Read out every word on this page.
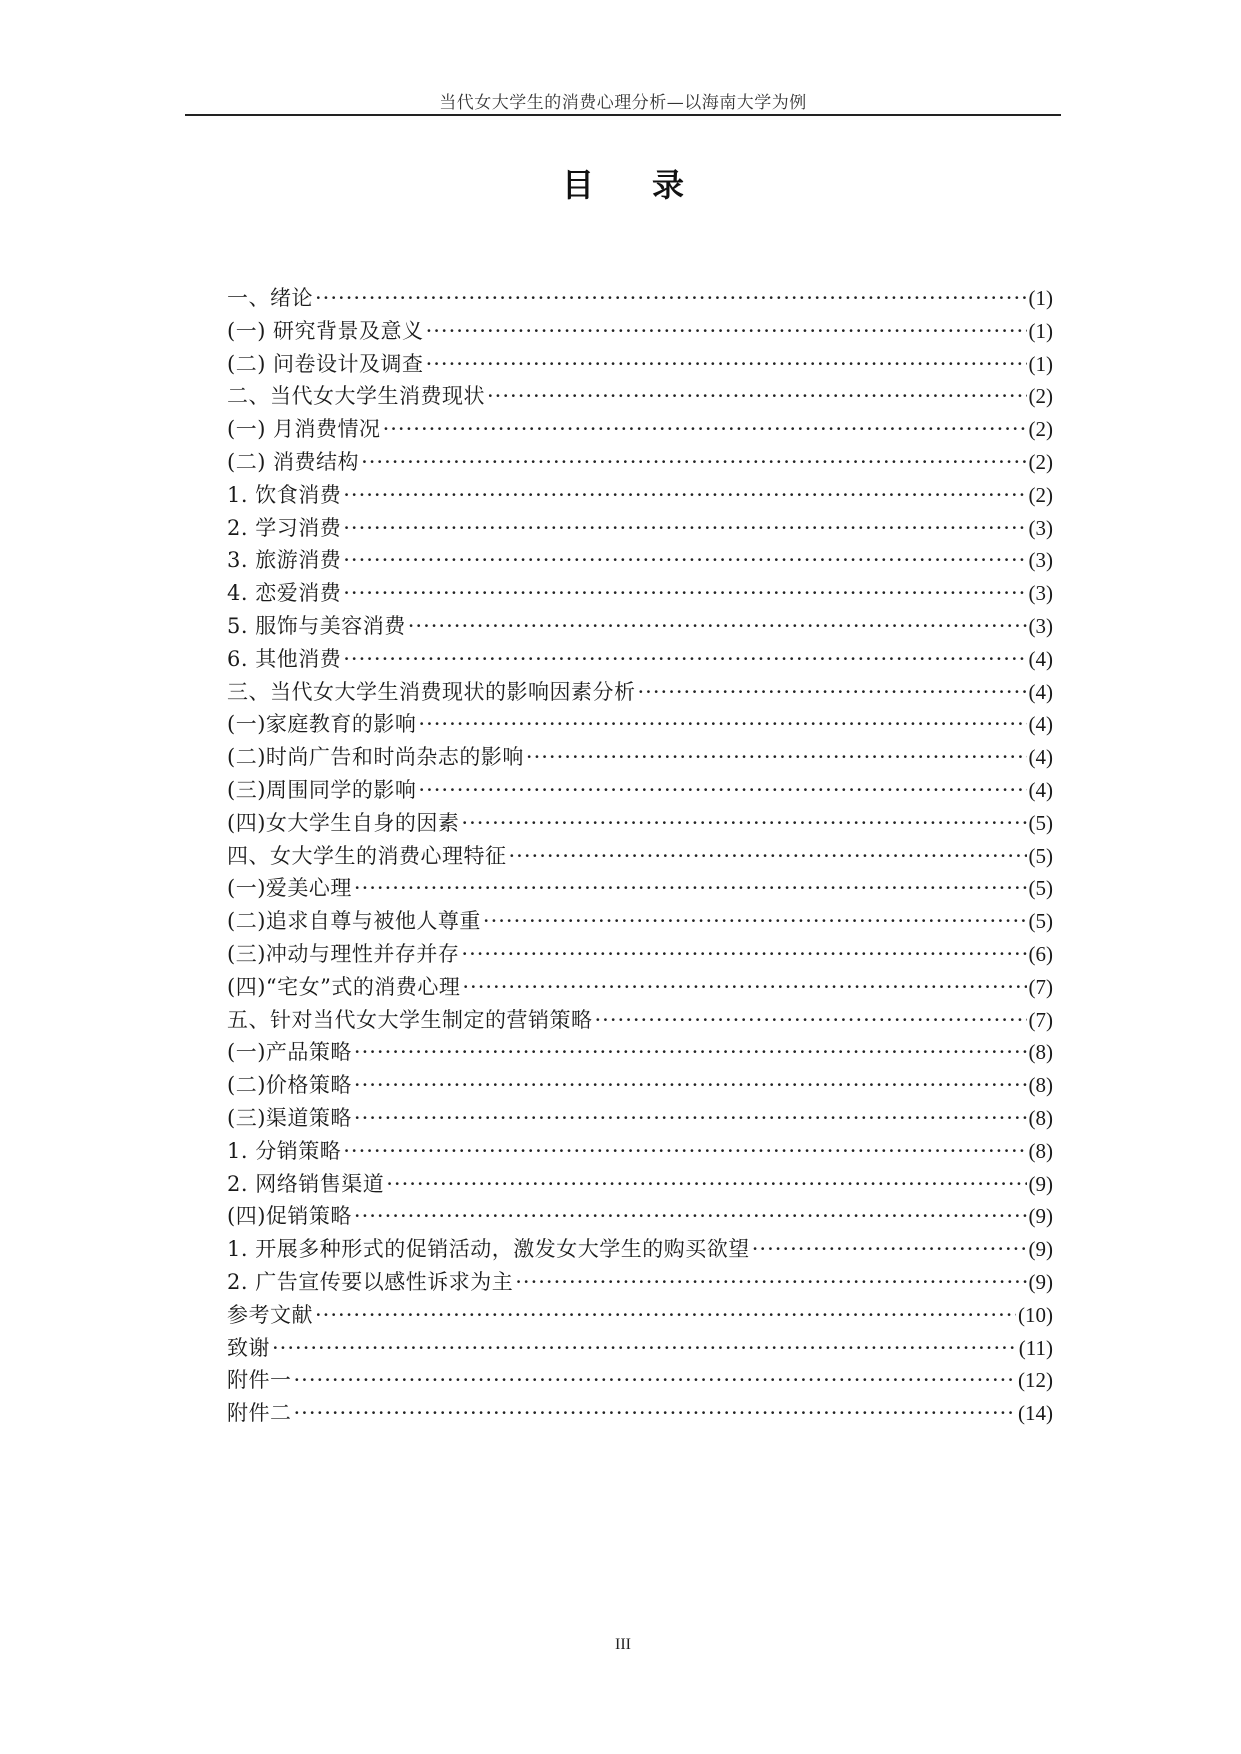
当代女大学生的消费心理分析—以海南大学为例
目录
一、绪论 ·····	(1)
(一) 研究背景及意义 ·····	(1)
(二) 问卷设计及调查 ·····	(1)
二、当代女大学生消费现状 ·····	(2)
(一) 月消费情况 ·····	(2)
(二) 消费结构 ·····	(2)
1. 饮食消费 ·····	(2)
2. 学习消费 ·····	(3)
3. 旅游消费 ·····	(3)
4. 恋爱消费 ·····	(3)
5. 服饰与美容消费 ·····	(3)
6. 其他消费 ·····	(4)
三、当代女大学生消费现状的影响因素分析 ·····	(4)
(一)家庭教育的影响 ·····	(4)
(二)时尚广告和时尚杂志的影响 ·····	(4)
(三)周围同学的影响 ·····	(4)
(四)女大学生自身的因素 ·····	(5)
四、女大学生的消费心理特征 ·····	(5)
(一)爱美心理 ·····	(5)
(二)追求自尊与被他人尊重 ·····	(5)
(三)冲动与理性并存并存 ·····	(6)
(四)“宅女”式的消费心理 ·····	(7)
五、针对当代女大学生制定的营销策略 ·····	(7)
(一)产品策略 ·····	(8)
(二)价格策略 ·····	(8)
(三)渠道策略 ·····	(8)
1. 分销策略 ·····	(8)
2. 网络销售渠道 ·····	(9)
(四)促销策略 ·····	(9)
1. 开展多种形式的促销活动，激发女大学生的购买欲望 ·····	(9)
2. 广告宣传要以感性诉求为主 ·····	(9)
参考文献 ·····	(10)
致谢 ·····	(11)
附件一 ·····	(12)
附件二 ·····	(14)
III
